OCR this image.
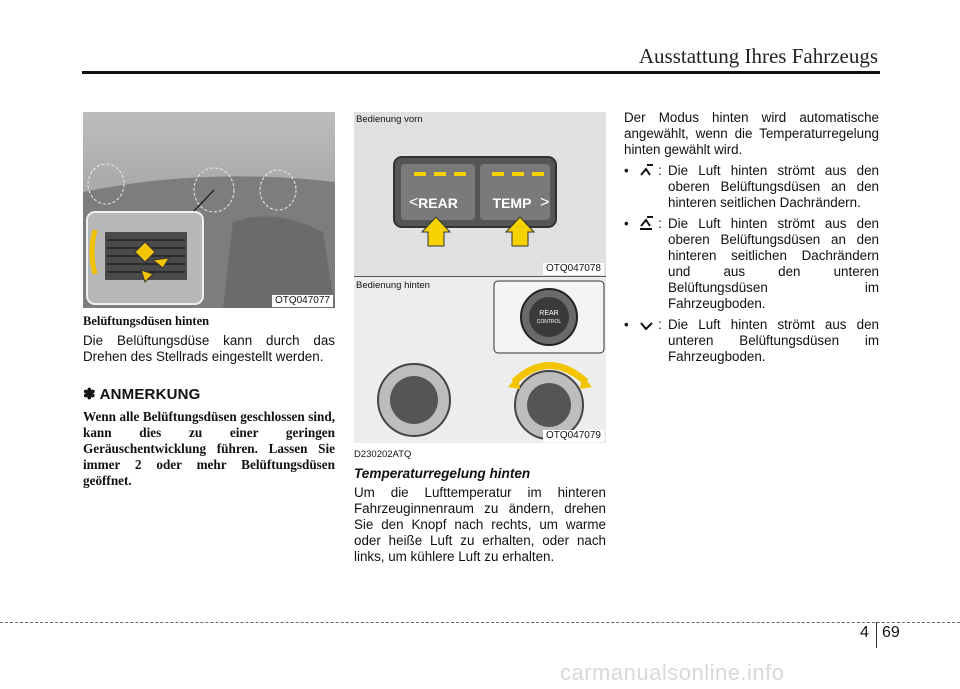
Ausstattung Ihres Fahrzeugs
OTQ047077
Belüftungsdüsen hinten

Die Belüftungsdüse kann durch das Drehen des Stellrads eingestellt werden.

✽ ANMERKUNG
Wenn alle Belüftungsdüsen geschlossen sind, kann dies zu einer geringen Geräuschentwicklung führen. Lassen Sie immer 2 oder mehr Belüftungsdüsen geöffnet.
<	>
REAR TEMP
Bedienung vorn
OTQ047078
REAR
CONTROL
Bedienung hinten
OTQ047079
D230202ATQ
Temperaturregelung hinten

Um die Lufttemperatur im hinteren Fahrzeuginnenraum zu ändern, drehen Sie den Knopf nach rechts, um warme oder heiße Luft zu erhalten, oder nach links, um kühlere Luft zu erhalten.

Der Modus hinten wird automatische angewählt, wenn die Temperaturregelung hinten gewählt wird.

•	: Die Luft hinten strömt aus den oberen Belüftungsdüsen an den hinteren seitlichen Dachrändern.
•	: Die Luft hinten strömt aus den oberen Belüftungsdüsen an den hinteren seitlichen Dachrändern und aus den unteren Belüftungsdüsen im Fahrzeugboden.
•	: Die Luft hinten strömt aus den unteren Belüftungsdüsen im Fahrzeugboden.
4 69
carmanualsonline.info
